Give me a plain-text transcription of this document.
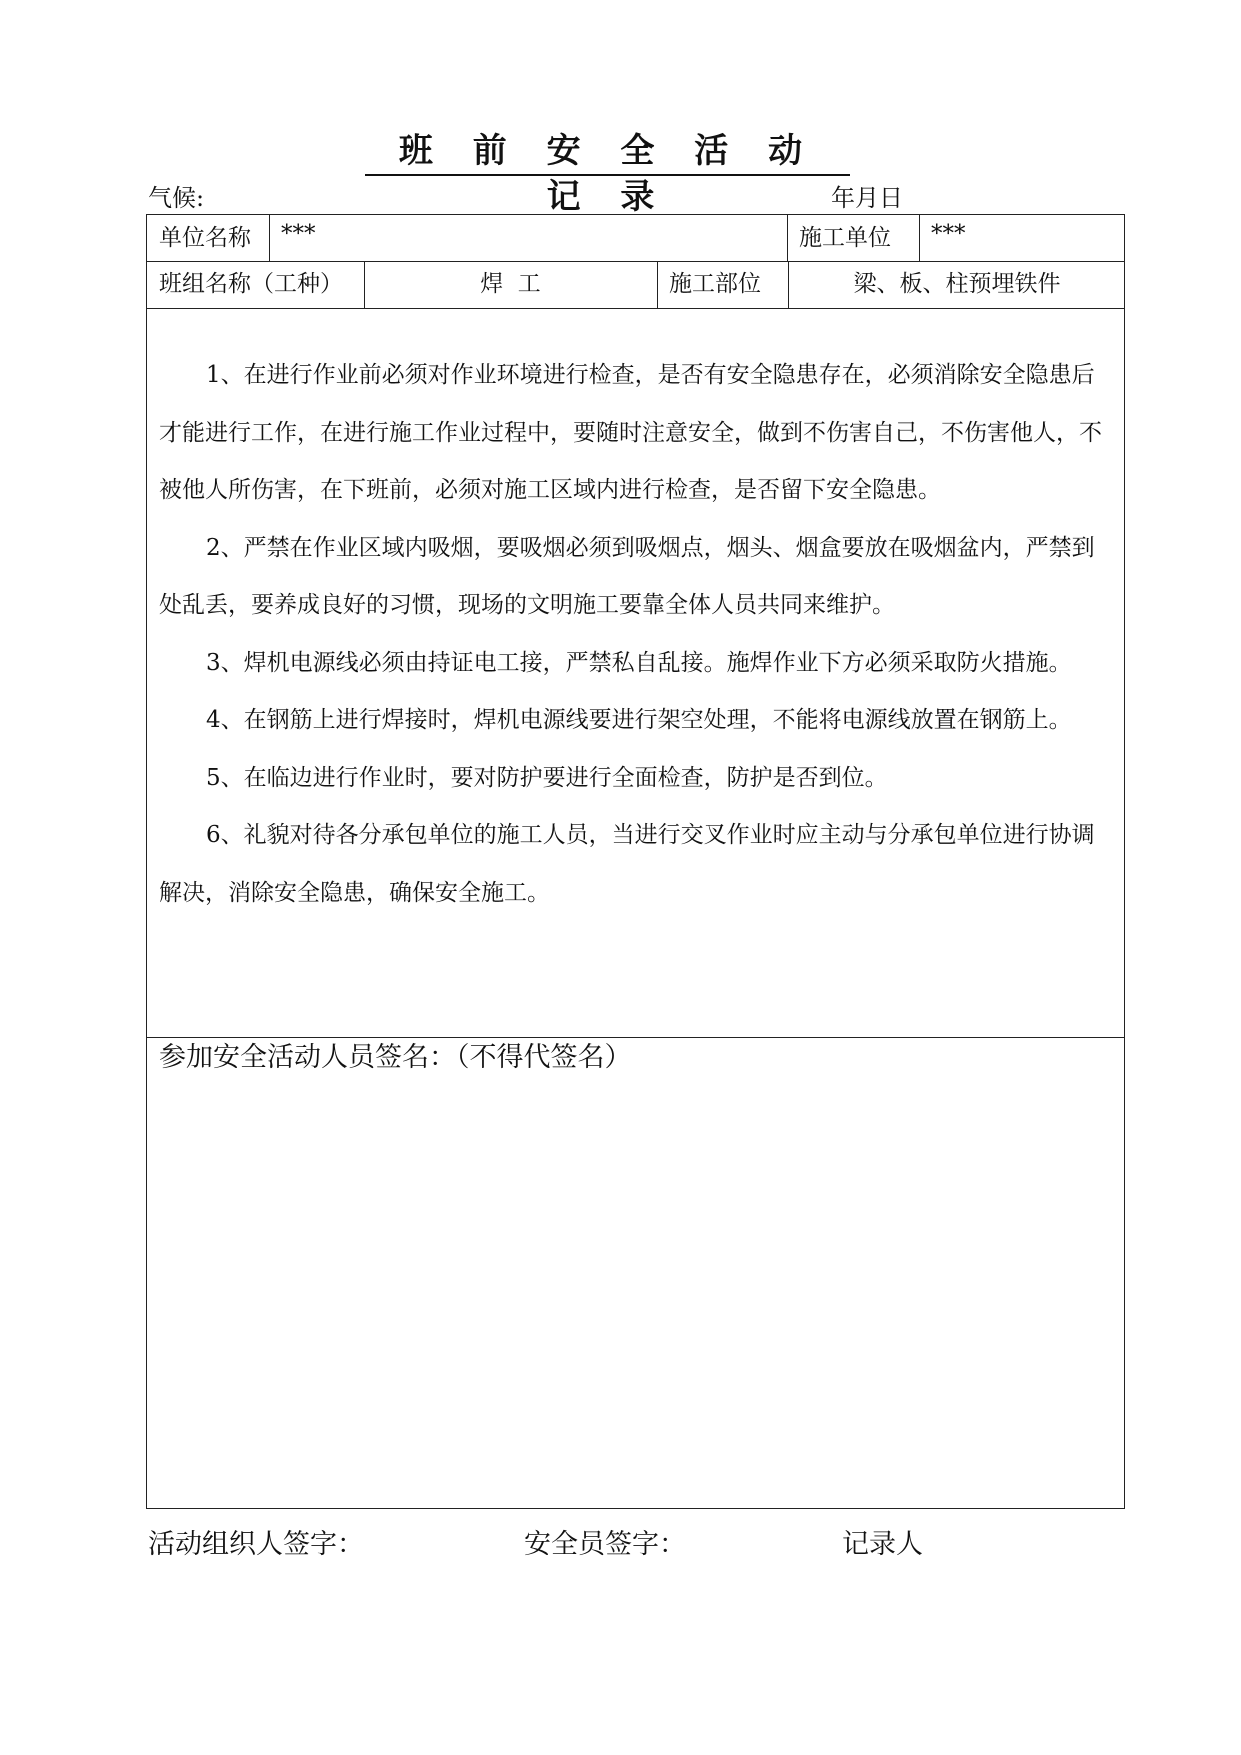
班 前 安 全 活 动 记 录
气候:	年月日
单位名称 ***	施工单位 ***
班组名称（工种）	焊  工	施工部位	梁、板、柱预埋铁件

1、在进行作业前必须对作业环境进行检查，是否有安全隐患存在，必须消除安全隐患后才能进行工作，在进行施工作业过程中，要随时注意安全，做到不伤害自己，不伤害他人，不被他人所伤害，在下班前，必须对施工区域内进行检查，是否留下安全隐患。

2、严禁在作业区域内吸烟，要吸烟必须到吸烟点，烟头、烟盒要放在吸烟盆内，严禁到处乱丢，要养成良好的习惯，现场的文明施工要靠全体人员共同来维护。

3、焊机电源线必须由持证电工接，严禁私自乱接。施焊作业下方必须采取防火措施。

4、在钢筋上进行焊接时，焊机电源线要进行架空处理，不能将电源线放置在钢筋上。

5、在临边进行作业时，要对防护要进行全面检查，防护是否到位。

6、礼貌对待各分承包单位的施工人员，当进行交叉作业时应主动与分承包单位进行协调解决，消除安全隐患，确保安全施工。

参加安全活动人员签名：（不得代签名）
活动组织人签字：	安全员签字：	记录人
